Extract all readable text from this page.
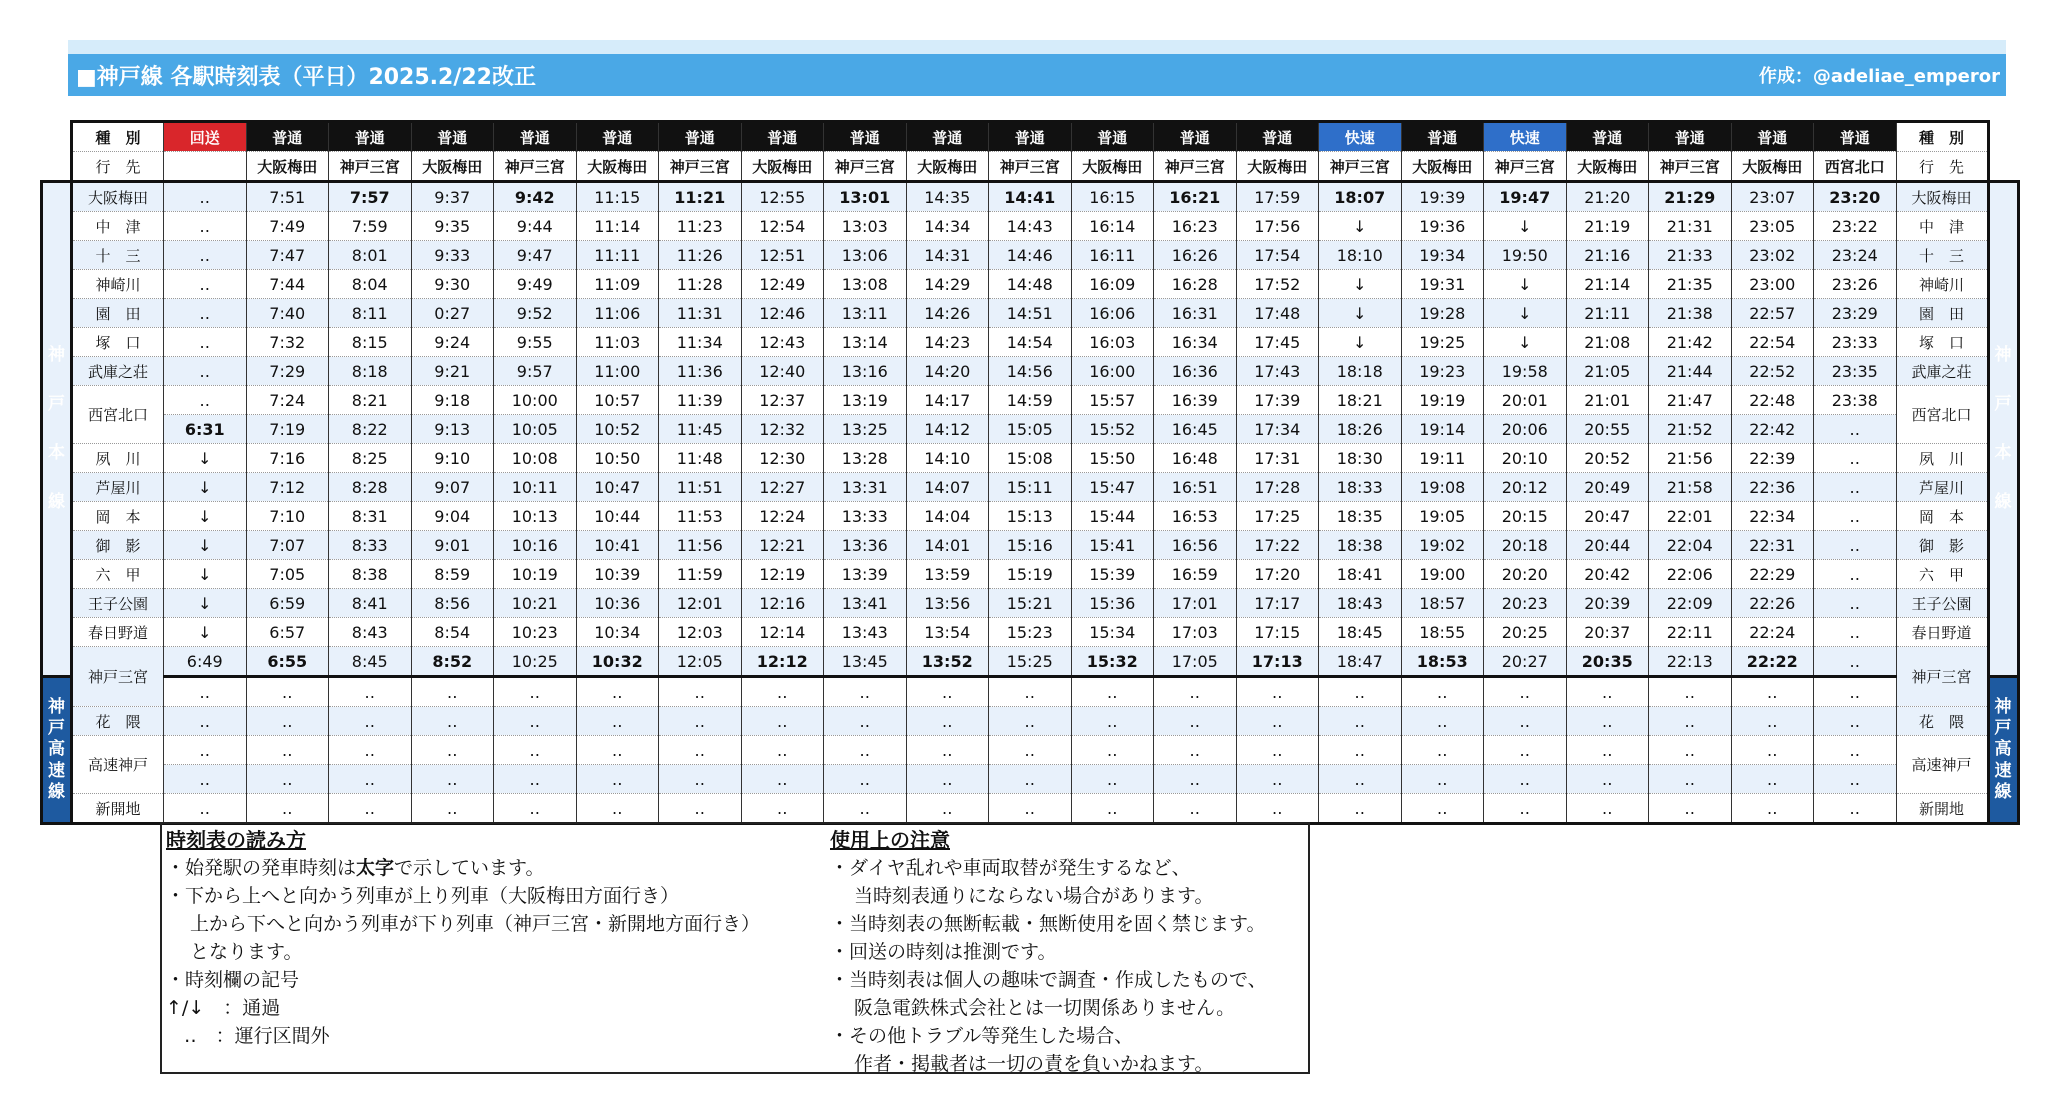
■神戸線 各駅時刻表（平日）2025.2/22改正	作成：@adeliae_emperor
	種　別	回送	普通	普通	普通	普通	普通	普通	普通	普通	普通	普通	普通	普通	普通	快速	普通	快速	普通	普通	普通	普通	種　別	
	行　先		大阪梅田	神戸三宮	大阪梅田	神戸三宮	大阪梅田	神戸三宮	大阪梅田	神戸三宮	大阪梅田	神戸三宮	大阪梅田	神戸三宮	大阪梅田	神戸三宮	大阪梅田	神戸三宮	大阪梅田	神戸三宮	大阪梅田	西宮北口	行　先	

神
戸
本
線	大阪梅田	‥	7:51	7:57	9:37	9:42	11:15	11:21	12:55	13:01	14:35	14:41	16:15	16:21	17:59	18:07	19:39	19:47	21:20	21:29	23:07	23:20	大阪梅田	神
戸
本
線

	中　津	‥	7:49	7:59	9:35	9:44	11:14	11:23	12:54	13:03	14:34	14:43	16:14	16:23	17:56	↓	19:36	↓	21:19	21:31	23:05	23:22	中　津	
	十　三	‥	7:47	8:01	9:33	9:47	11:11	11:26	12:51	13:06	14:31	14:46	16:11	16:26	17:54	18:10	19:34	19:50	21:16	21:33	23:02	23:24	十　三	
	神崎川	‥	7:44	8:04	9:30	9:49	11:09	11:28	12:49	13:08	14:29	14:48	16:09	16:28	17:52	↓	19:31	↓	21:14	21:35	23:00	23:26	神崎川	
	園　田	‥	7:40	8:11	0:27	9:52	11:06	11:31	12:46	13:11	14:26	14:51	16:06	16:31	17:48	↓	19:28	↓	21:11	21:38	22:57	23:29	園　田	
	塚　口	‥	7:32	8:15	9:24	9:55	11:03	11:34	12:43	13:14	14:23	14:54	16:03	16:34	17:45	↓	19:25	↓	21:08	21:42	22:54	23:33	塚　口	
	武庫之荘	‥	7:29	8:18	9:21	9:57	11:00	11:36	12:40	13:16	14:20	14:56	16:00	16:36	17:43	18:18	19:23	19:58	21:05	21:44	22:52	23:35	武庫之荘	
	西宮北口	‥	7:24	8:21	9:18	10:00	10:57	11:39	12:37	13:19	14:17	14:59	15:57	16:39	17:39	18:21	19:19	20:01	21:01	21:47	22:48	23:38	西宮北口	
		6:31	7:19	8:22	9:13	10:05	10:52	11:45	12:32	13:25	14:12	15:05	15:52	16:45	17:34	18:26	19:14	20:06	20:55	21:52	22:42	‥		
	夙　川	↓	7:16	8:25	9:10	10:08	10:50	11:48	12:30	13:28	14:10	15:08	15:50	16:48	17:31	18:30	19:11	20:10	20:52	21:56	22:39	‥	夙　川	
	芦屋川	↓	7:12	8:28	9:07	10:11	10:47	11:51	12:27	13:31	14:07	15:11	15:47	16:51	17:28	18:33	19:08	20:12	20:49	21:58	22:36	‥	芦屋川	
	岡　本	↓	7:10	8:31	9:04	10:13	10:44	11:53	12:24	13:33	14:04	15:13	15:44	16:53	17:25	18:35	19:05	20:15	20:47	22:01	22:34	‥	岡　本	
	御　影	↓	7:07	8:33	9:01	10:16	10:41	11:56	12:21	13:36	14:01	15:16	15:41	16:56	17:22	18:38	19:02	20:18	20:44	22:04	22:31	‥	御　影	
	六　甲	↓	7:05	8:38	8:59	10:19	10:39	11:59	12:19	13:39	13:59	15:19	15:39	16:59	17:20	18:41	19:00	20:20	20:42	22:06	22:29	‥	六　甲	
	王子公園	↓	6:59	8:41	8:56	10:21	10:36	12:01	12:16	13:41	13:56	15:21	15:36	17:01	17:17	18:43	18:57	20:23	20:39	22:09	22:26	‥	王子公園	
	春日野道	↓	6:57	8:43	8:54	10:23	10:34	12:03	12:14	13:43	13:54	15:23	15:34	17:03	17:15	18:45	18:55	20:25	20:37	22:11	22:24	‥	春日野道	
	神戸三宮	6:49	6:55	8:45	8:52	10:25	10:32	12:05	12:12	13:45	13:52	15:25	15:32	17:05	17:13	18:47	18:53	20:27	20:35	22:13	22:22	‥	神戸三宮	

神
戸
高
速
線		‥	‥	‥	‥	‥	‥	‥	‥	‥	‥	‥	‥	‥	‥	‥	‥	‥	‥	‥	‥	‥		神
戸
高
速
線

	花　隈	‥	‥	‥	‥	‥	‥	‥	‥	‥	‥	‥	‥	‥	‥	‥	‥	‥	‥	‥	‥	‥	花　隈	
	高速神戸	‥	‥	‥	‥	‥	‥	‥	‥	‥	‥	‥	‥	‥	‥	‥	‥	‥	‥	‥	‥	‥	高速神戸	
		‥	‥	‥	‥	‥	‥	‥	‥	‥	‥	‥	‥	‥	‥	‥	‥	‥	‥	‥	‥	‥		
	新開地	‥	‥	‥	‥	‥	‥	‥	‥	‥	‥	‥	‥	‥	‥	‥	‥	‥	‥	‥	‥	‥	新開地	
時刻表の読み方
・始発駅の発車時刻は太字で示しています。
・下から上へと向かう列車が上り列車（大阪梅田方面行き）
上から下へと向かう列車が下り列車（神戸三宮・新開地方面行き）
となります。
・時刻欄の記号
↑/↓　：通過
‥　：運行区間外
使用上の注意
・ダイヤ乱れや車両取替が発生するなど、
当時刻表通りにならない場合があります。
・当時刻表の無断転載・無断使用を固く禁じます。
・回送の時刻は推測です。
・当時刻表は個人の趣味で調査・作成したもので、
阪急電鉄株式会社とは一切関係ありません。
・その他トラブル等発生した場合、
作者・掲載者は一切の責を負いかねます。
